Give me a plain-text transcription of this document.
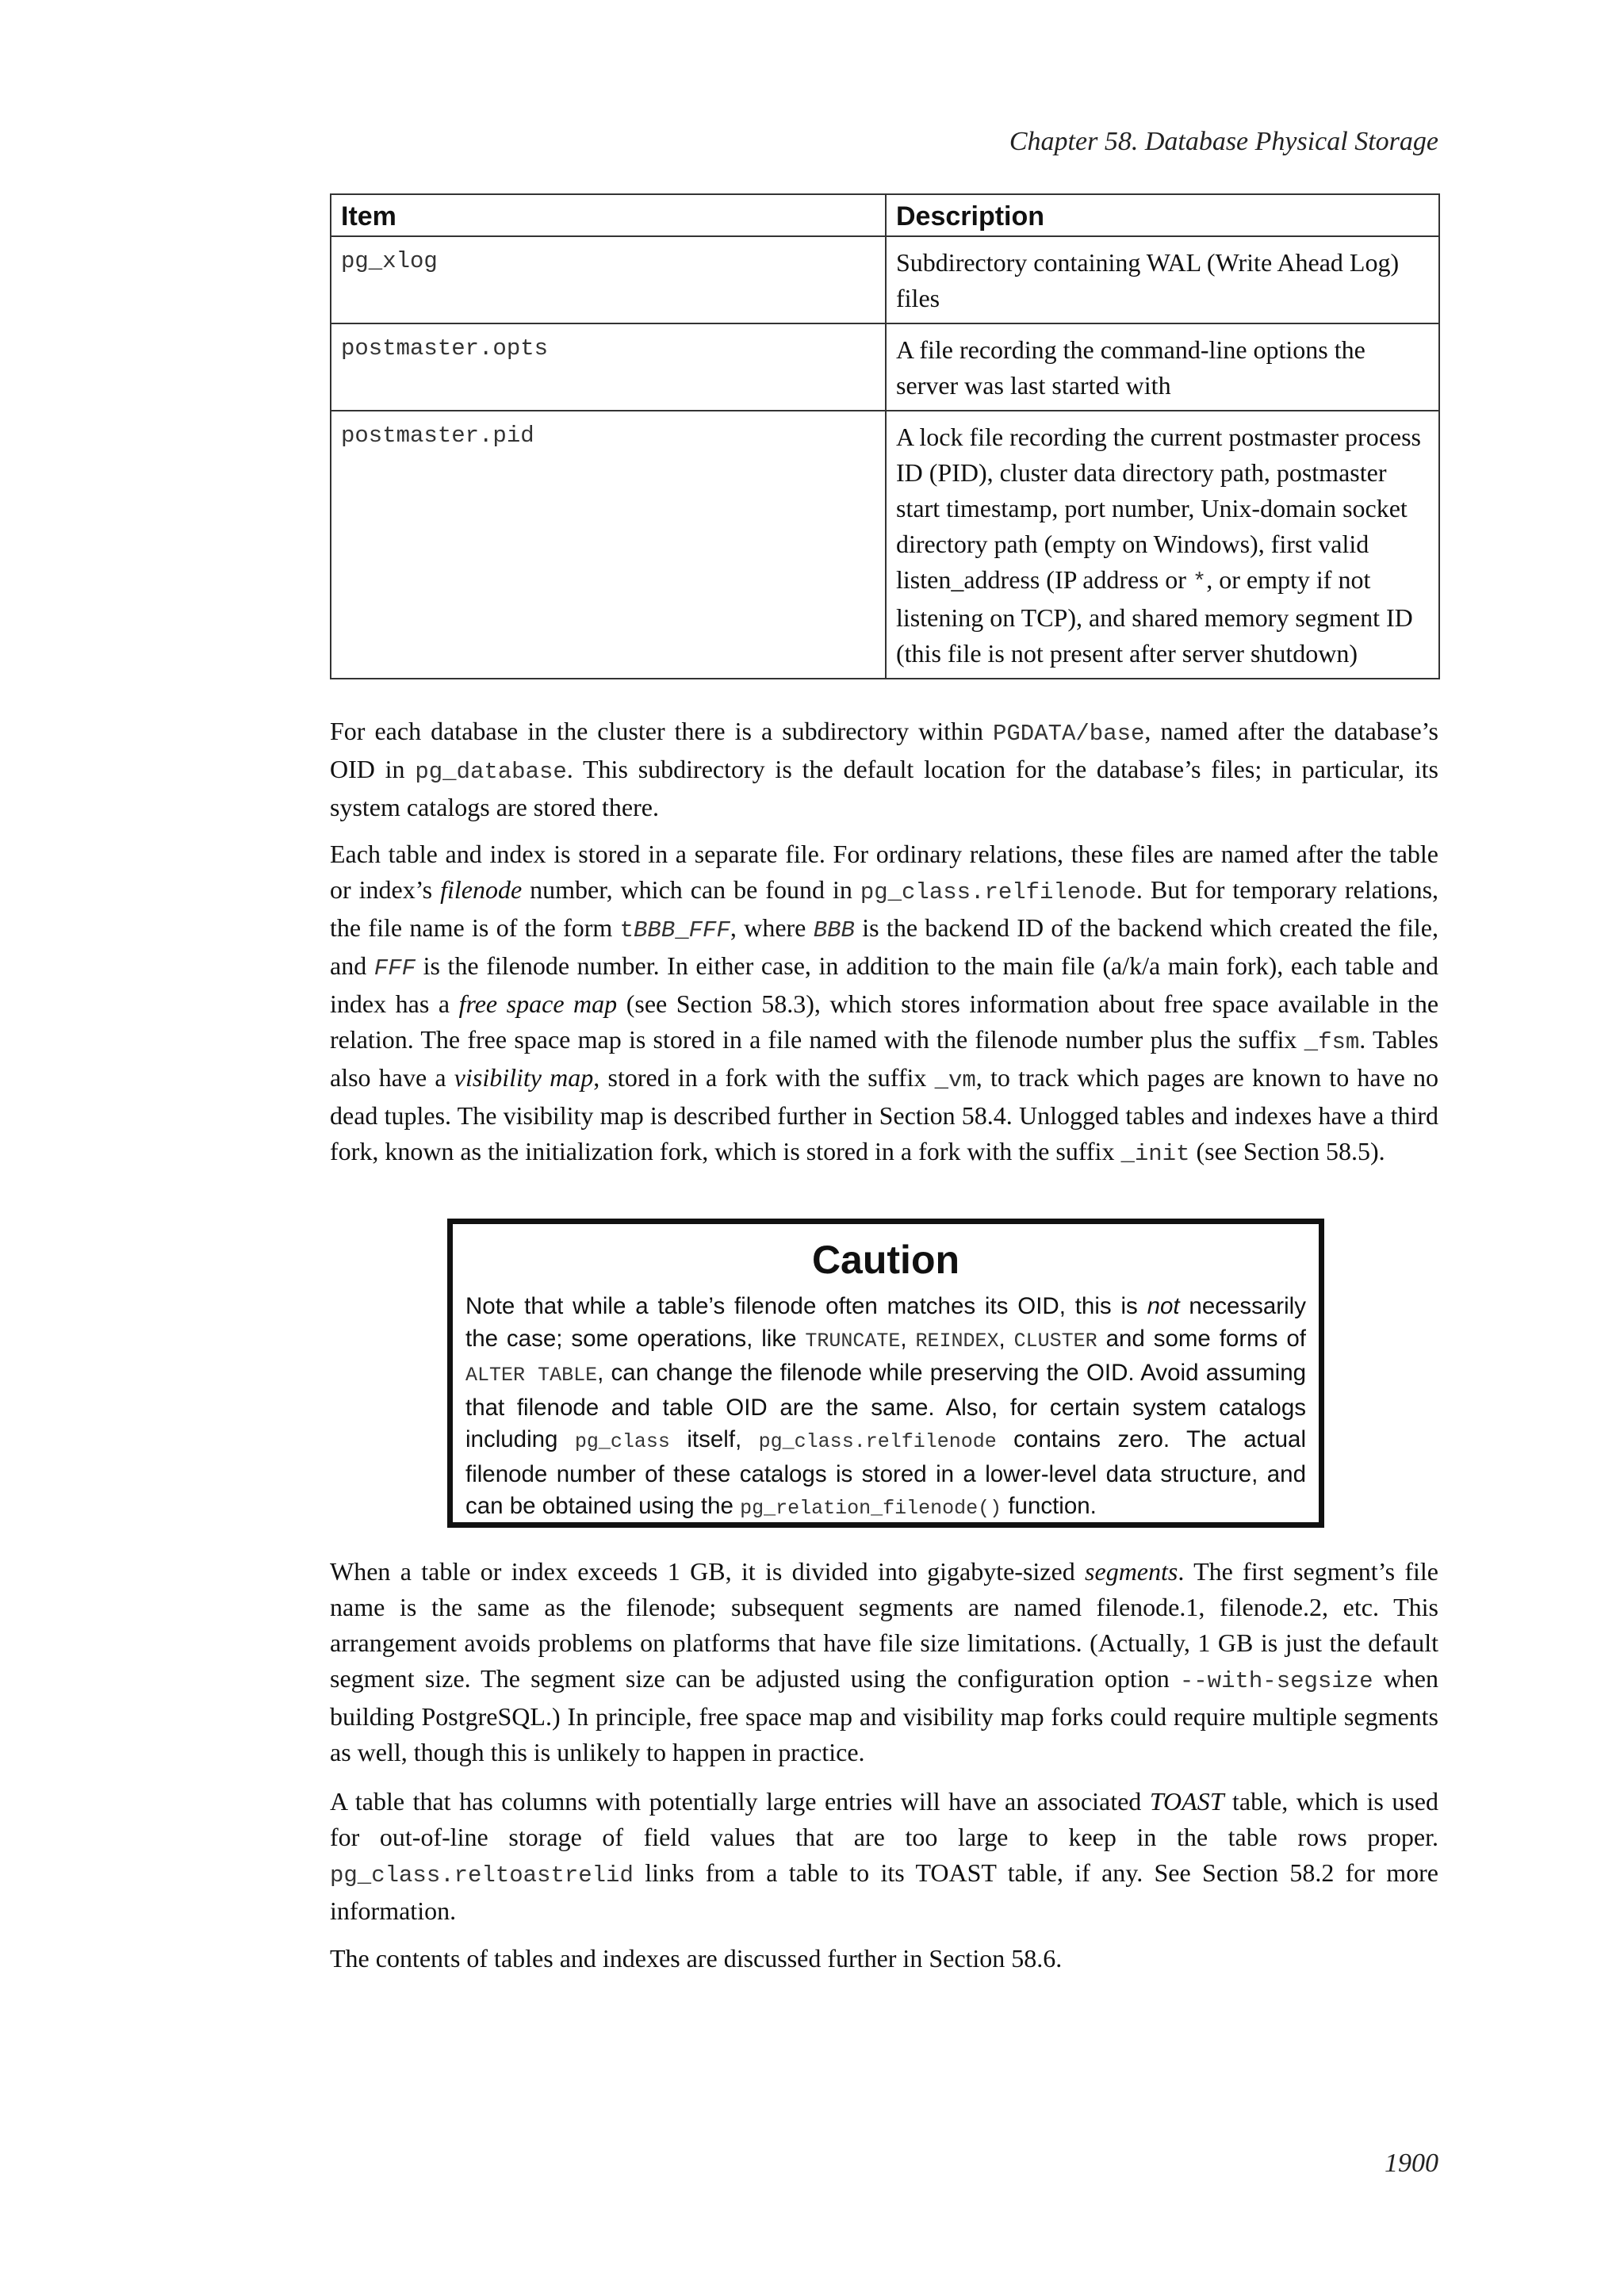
Chapter 58. Database Physical Storage
Item	Description
pg_xlog	Subdirectory containing WAL (Write Ahead Log) files
postmaster.opts	A file recording the command-line options the server was last started with
postmaster.pid	A lock file recording the current postmaster process ID (PID), cluster data directory path, postmaster start timestamp, port number, Unix-domain socket directory path (empty on Windows), first valid listen_address (IP address or *, or empty if not listening on TCP), and shared memory segment ID (this file is not present after server shutdown)

For each database in the cluster there is a subdirectory within PGDATA/base, named after the database’s OID in pg_database. This subdirectory is the default location for the database’s files; in particular, its system catalogs are stored there.

Each table and index is stored in a separate file. For ordinary relations, these files are named after the table or index’s filenode number, which can be found in pg_class.relfilenode. But for temporary relations, the file name is of the form tBBB_FFF, where BBB is the backend ID of the backend which created the file, and FFF is the filenode number. In either case, in addition to the main file (a/k/a main fork), each table and index has a free space map (see Section 58.3), which stores information about free space available in the relation. The free space map is stored in a file named with the filenode number plus the suffix _fsm. Tables also have a visibility map, stored in a fork with the suffix _vm, to track which pages are known to have no dead tuples. The visibility map is described further in Section 58.4. Unlogged tables and indexes have a third fork, known as the initialization fork, which is stored in a fork with the suffix _init (see Section 58.5).

Caution

Note that while a table’s filenode often matches its OID, this is not necessarily the case; some operations, like TRUNCATE, REINDEX, CLUSTER and some forms of ALTER TABLE, can change the filenode while preserving the OID. Avoid assuming that filenode and table OID are the same. Also, for certain system catalogs including pg_class itself, pg_class.relfilenode contains zero. The actual filenode number of these catalogs is stored in a lower-level data structure, and can be obtained using the pg_relation_filenode() function.

When a table or index exceeds 1 GB, it is divided into gigabyte-sized segments. The first segment’s file name is the same as the filenode; subsequent segments are named filenode.1, filenode.2, etc. This arrangement avoids problems on platforms that have file size limitations. (Actually, 1 GB is just the default segment size. The segment size can be adjusted using the configuration option --with-segsize when building PostgreSQL.) In principle, free space map and visibility map forks could require multiple segments as well, though this is unlikely to happen in practice.

A table that has columns with potentially large entries will have an associated TOAST table, which is used for out-of-line storage of field values that are too large to keep in the table rows proper. pg_class.reltoastrelid links from a table to its TOAST table, if any. See Section 58.2 for more information.

The contents of tables and indexes are discussed further in Section 58.6.

1900
